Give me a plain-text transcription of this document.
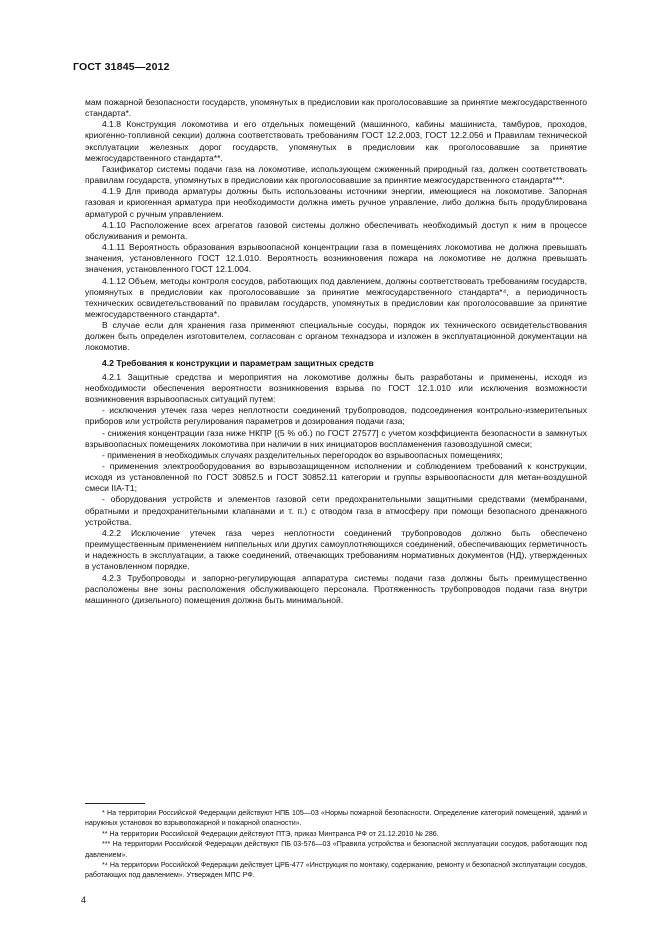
ГОСТ 31845—2012

мам пожарной безопасности государств, упомянутых в предисловии как проголосовавшие за принятие межгосударственного стандарта*.

4.1.8 Конструкция локомотива и его отдельных помещений (машинного, кабины машиниста, тамбуров, проходов, криогенно-топливной секции) должна соответствовать требованиям ГОСТ 12.2.003, ГОСТ 12.2.056 и Правилам технической эксплуатации железных дорог государств, упомянутых в предисловии как проголосовавшие за принятие межгосударственного стандарта**.

Газификатор системы подачи газа на локомотиве, использующем сжиженный природный газ, должен соответствовать правилам государств, упомянутых в предисловии как проголосовавшие за принятие межгосударственного стандарта***.

4.1.9 Для привода арматуры должны быть использованы источники энергии, имеющиеся на локомотиве. Запорная газовая и криогенная арматура при необходимости должна иметь ручное управление, либо должна быть продублирована арматурой с ручным управлением.

4.1.10 Расположение всех агрегатов газовой системы должно обеспечивать необходимый доступ к ним в процессе обслуживания и ремонта.

4.1.11 Вероятность образования взрывоопасной концентрации газа в помещениях локомотива не должна превышать значения, установленного ГОСТ 12.1.010. Вероятность возникновения пожара на локомотиве не должна превышать значения, установленного ГОСТ 12.1.004.

4.1.12 Объем, методы контроля сосудов, работающих под давлением, должны соответствовать требованиям государств, упомянутых в предисловии как проголосовавшие за принятие межгосударственного стандарта*⁴, а периодичность технических освидетельствований по правилам государств, упомянутых в предисловии как проголосовавшие за принятие межгосударственного стандарта*.

В случае если для хранения газа применяют специальные сосуды, порядок их технического освидетельствования должен быть определен изготовителем, согласован с органом технадзора и изложен в эксплуатационной документации на локомотив.

4.2 Требования к конструкции и параметрам защитных средств

4.2.1 Защитные средства и мероприятия на локомотиве должны быть разработаны и применены, исходя из необходимости обеспечения вероятности возникновения взрыва по ГОСТ 12.1.010 или исключения возможности возникновения взрывоопасных ситуаций путем:

- исключения утечек газа через неплотности соединений трубопроводов, подсоединения контрольно-измерительных приборов или устройств регулирования параметров и дозирования подачи газа;

- снижения концентрации газа ниже НКПР [(5 % об.) по ГОСТ 27577] с учетом коэффициента безопасности в замкнутых взрывоопасных помещениях локомотива при наличии в них инициаторов воспламенения газовоздушной смеси;

- применения в необходимых случаях разделительных перегородок во взрывоопасных помещениях;

- применения электрооборудования во взрывозащищенном исполнении и соблюдением требований к конструкции, исходя из установленной по ГОСТ 30852.5 и ГОСТ 30852.11 категории и группы взрывоопасности для метан-воздушной смеси IIA-T1;

- оборудования устройств и элементов газовой сети предохранительными защитными средствами (мембранами, обратными и предохранительными клапанами и т. п.) с отводом газа в атмосферу при помощи безопасного дренажного устройства.

4.2.2 Исключение утечек газа через неплотности соединений трубопроводов должно быть обеспечено преимущественным применением ниппельных или других самоуплотняющихся соединений, обеспечивающих герметичность и надежность в эксплуатации, а также соединений, отвечающих требованиям нормативных документов (НД), утвержденных в установленном порядке.

4.2.3 Трубопроводы и запорно-регулирующая аппаратура системы подачи газа должны быть преимущественно расположены вне зоны расположения обслуживающего персонала. Протяженность трубопроводов подачи газа внутри машинного (дизельного) помещения должна быть минимальной.

* На территории Российской Федерации действуют НПБ 105—03 «Нормы пожарной безопасности. Определение категорий помещений, зданий и наружных установок во взрывопожарной и пожарной опасности».

** На территории Российской Федерации действуют ПТЭ, приказ Минтранса РФ от 21.12.2010 № 286.

*** На территории Российской Федерации действуют ПБ 03-576—03 «Правила устройства и безопасной эксплуатации сосудов, работающих под давлением».

*⁴ На территории Российской Федерации действует ЦРБ-477 «Инструкция по монтажу, содержанию, ремонту и безопасной эксплуатации сосудов, работающих под давлением». Утвержден МПС РФ.

4
